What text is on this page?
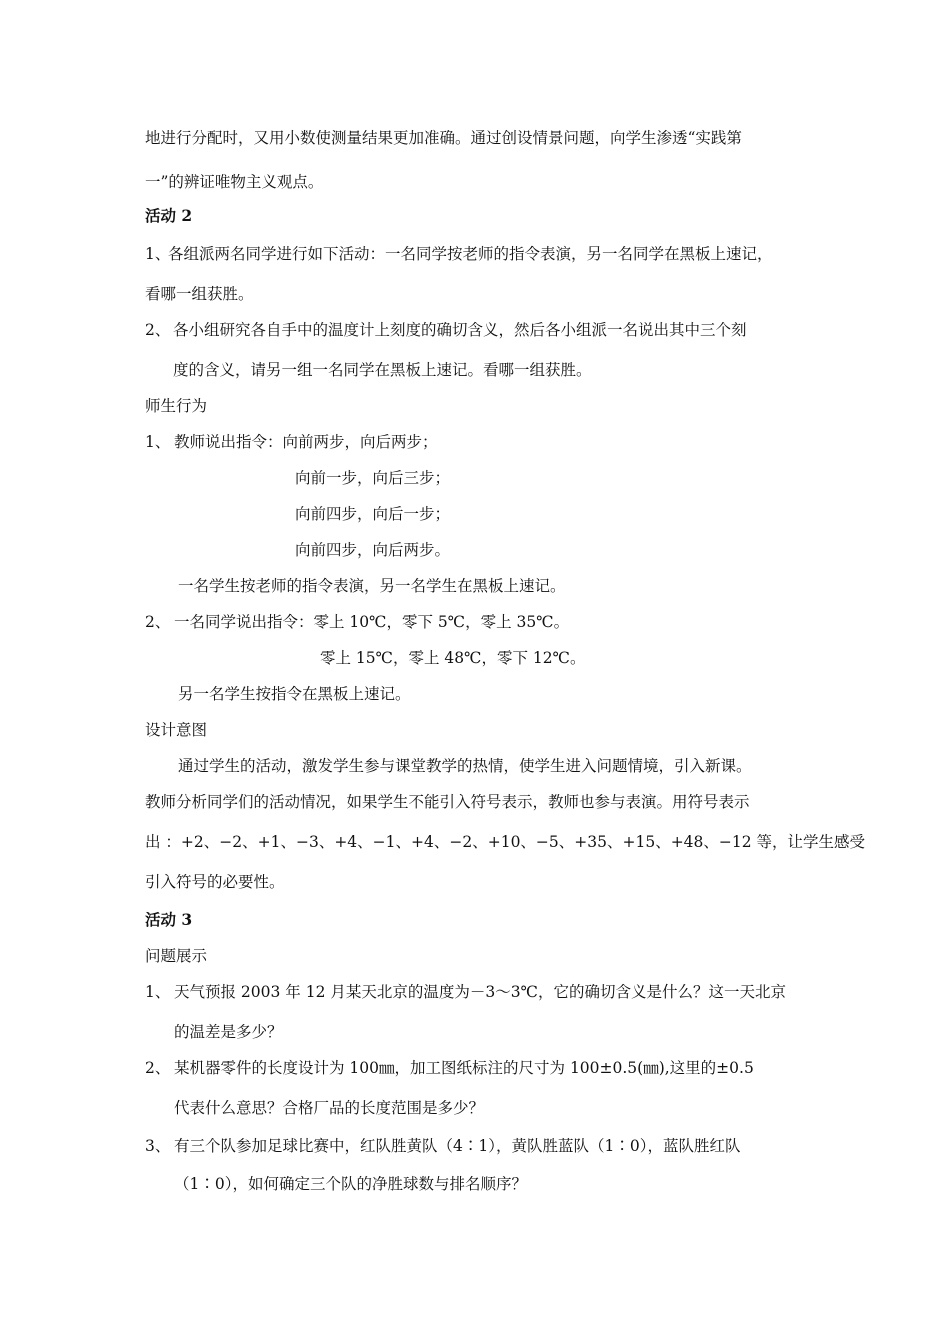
地进行分配时，又用小数使测量结果更加准确。通过创设情景问题，向学生渗透“实践第
一”的辨证唯物主义观点。
活动 2
1、
各组派两名同学进行如下活动：一名同学按老师的指令表演，另一名同学在黑板上速记，
看哪一组获胜。
2、 各小组研究各自手中的温度计上刻度的确切含义，然后各小组派一名说出其中三个刻
度的含义，请另一组一名同学在黑板上速记。看哪一组获胜。
师生行为
1、 教师说出指令：向前两步，向后两步；
向前一步，向后三步；
向前四步，向后一步；
向前四步，向后两步。
一名学生按老师的指令表演，另一名学生在黑板上速记。
2、 一名同学说出指令：零上 10℃，零下 5℃，零上 35℃。
零上 15℃，零上 48℃，零下 12℃。
另一名学生按指令在黑板上速记。
设计意图
通过学生的活动，激发学生参与课堂教学的热情，使学生进入问题情境，引入新课。
教师分析同学们的活动情况，如果学生不能引入符号表示，教师也参与表演。用符号表示
出 ：+2、−2、+1、−3、+4、−1、+4、−2、+10、−5、+35、+15、+48、−12 等，让学生感受
引入符号的必要性。
活动 3
问题展示
1、 天气预报 2003 年 12 月某天北京的温度为－3～3℃，它的确切含义是什么？这一天北京
的温差是多少？
2、 某机器零件的长度设计为 100㎜，加工图纸标注的尺寸为 100±0.5(㎜),这里的±0.5
代表什么意思？合格厂品的长度范围是多少？
3、 有三个队参加足球比赛中，红队胜黄队（4∶1），黄队胜蓝队（1∶0），蓝队胜红队
（1∶0），如何确定三个队的净胜球数与排名顺序？
